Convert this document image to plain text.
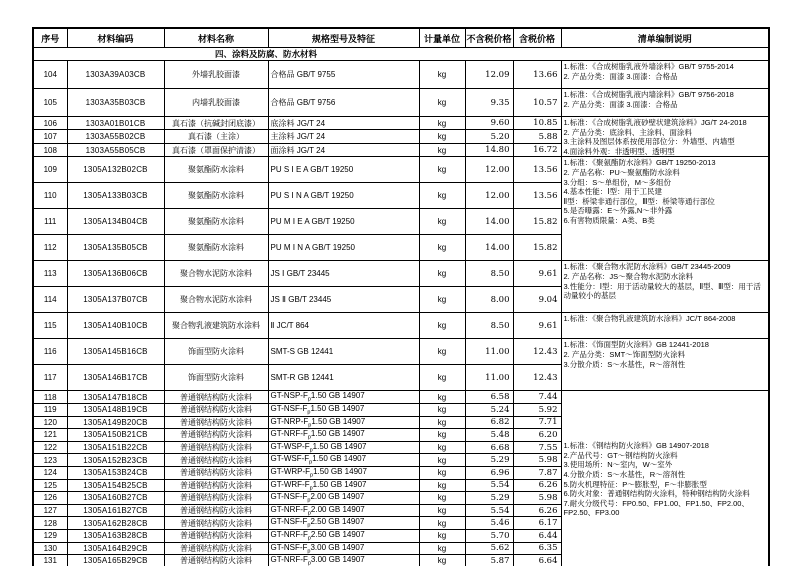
序号	材料编码	材料名称	规格型号及特征	计量单位	不含税价格	含税价格	清单编制说明
四、涂料及防腐、防水材料							
104	1303A39A03CB	外墙乳胶面漆	合格品 GB/T 9755	kg	12.09	13.66	1.标准：《合成树脂乳液外墙涂料》GB/T 9755-2014
2. 产品分类：面漆 3.面漆：合格品

105	1303A35B03CB	内墙乳胶面漆	合格品 GB/T 9756	kg	9.35	10.57	1.标准：《合成树脂乳液内墙涂料》GB/T 9756-2018
2. 产品分类：面漆 3.面漆：合格品

106	1303A01B01CB	真石漆（抗碱封闭底漆）	底涂料 JG/T 24	kg	9.60	10.85	1.标准：《合成树脂乳液砂壁状建筑涂料》JG/T 24-2018
2. 产品分类：底涂料、主涂料、面涂料
3.主涂料及图层体系按使用部位分：外墙型、内墙型
4.面涂料外观：非透明型、透明型

107	1303A55B02CB	真石漆（主涂）	主涂料 JG/T 24	kg	5.20	5.88	
108	1303A55B05CB	真石漆（罩面保护清漆）	面涂料 JG/T 24	kg	14.80	16.72	
109	1305A132B02CB	聚氨酯防水涂料	PU S Ⅰ E A GB/T 19250	kg	12.00	13.56	
1.标准：《聚氨酯防水涂料》GB/T 19250-2013
2. 产品名称：PU～聚氨酯防水涂料
3.分组：S～单组份，M～多组份
4.基本性能：Ⅰ型：用于工民建
Ⅱ型：桥梁非通行部位，Ⅲ型：桥梁等通行部位
5.是否曝露：E～外露,N～非外露
6.有害物质限量：A类、B类

110	1305A133B03CB	聚氨酯防水涂料	PU S Ⅰ N A GB/T 19250	kg	12.00	13.56	
111	1305A134B04CB	聚氨酯防水涂料	PU M Ⅰ E A GB/T 19250	kg	14.00	15.82	
112	1305A135B05CB	聚氨酯防水涂料	PU M Ⅰ N A GB/T 19250	kg	14.00	15.82	
113	1305A136B06CB	聚合物水泥防水涂料	JS Ⅰ GB/T 23445	kg	8.50	9.61	1.标准：《聚合物水泥防水涂料》GB/T 23445-2009
2. 产品名称：JS～聚合物水泥防水涂料
3.性能分：Ⅰ型：用于活动量较大的基层，Ⅱ型、Ⅲ型：用于活动量较小的基层

114	1305A137B07CB	聚合物水泥防水涂料	JS Ⅱ GB/T 23445	kg	8.00	9.04	
115	1305A140B10CB	聚合物乳液建筑防水涂料	Ⅱ JC/T 864	kg	8.50	9.61	1.标准：《聚合物乳液建筑防水涂料》JC/T 864-2008

116	1305A145B16CB	饰面型防火涂料	SMT-S GB 12441	kg	11.00	12.43	1.标准：《饰面型防火涂料》GB 12441-2018
2. 产品分类：SMT～饰面型防火涂料
3.分散介质：S～水基性，R～溶剂性

117	1305A146B17CB	饰面型防火涂料	SMT-R GB 12441	kg	11.00	12.43	
118	1305A147B18CB	普通钢结构防火涂料	$GT-NSP-F_p1.50$ GB 14907	kg	6.58	7.44	
1.标准：《钢结构防火涂料》GB 14907-2018
2.产品代号：GT～钢结构防火涂料
3.使用场所：N～室内，W～室外
4.分散介质：S～水基性，R～溶剂性
5.防火机理特征：P～膨胀型，F～非膨胀型
6.防火对象：普通钢结构防火涂料，特种钢结构防火涂料
7.耐火分级代号：FP0.50、FP1.00、FP1.50、FP2.00、FP2.50、FP3.00

119	1305A148B19CB	普通钢结构防火涂料	$GT-NSF-F_p1.50$ GB 14907	kg	5.24	5.92	
120	1305A149B20CB	普通钢结构防火涂料	$GT-NRP-F_p1.50$ GB 14907	kg	6.82	7.71	
121	1305A150B21CB	普通钢结构防火涂料	$GT-NRF-F_p1.50$ GB 14907	kg	5.48	6.20	
122	1305A151B22CB	普通钢结构防火涂料	$GT-WSP-F_p1.50$ GB 14907	kg	6.68	7.55	
123	1305A152B23CB	普通钢结构防火涂料	$GT-WSF-F_p1.50$ GB 14907	kg	5.29	5.98	
124	1305A153B24CB	普通钢结构防火涂料	$GT-WRP-F_p1.50$ GB 14907	kg	6.96	7.87	
125	1305A154B25CB	普通钢结构防火涂料	$GT-WRF-F_p1.50$ GB 14907	kg	5.54	6.26	
126	1305A160B27CB	普通钢结构防火涂料	$GT-NSF-F_p2.00$ GB 14907	kg	5.29	5.98	
127	1305A161B27CB	普通钢结构防火涂料	$GT-NRF-F_p2.00$ GB 14907	kg	5.54	6.26	
128	1305A162B28CB	普通钢结构防火涂料	$GT-NSF-F_p2.50$ GB 14907	kg	5.46	6.17	
129	1305A163B28CB	普通钢结构防火涂料	$GT-NRF-F_p2.50$ GB 14907	kg	5.70	6.44	
130	1305A164B29CB	普通钢结构防火涂料	$GT-NSF-F_p3.00$ GB 14907	kg	5.62	6.35	
131	1305A165B29CB	普通钢结构防火涂料	$GT-NRF-F_p3.00$ GB 14907	kg	5.87	6.64	
